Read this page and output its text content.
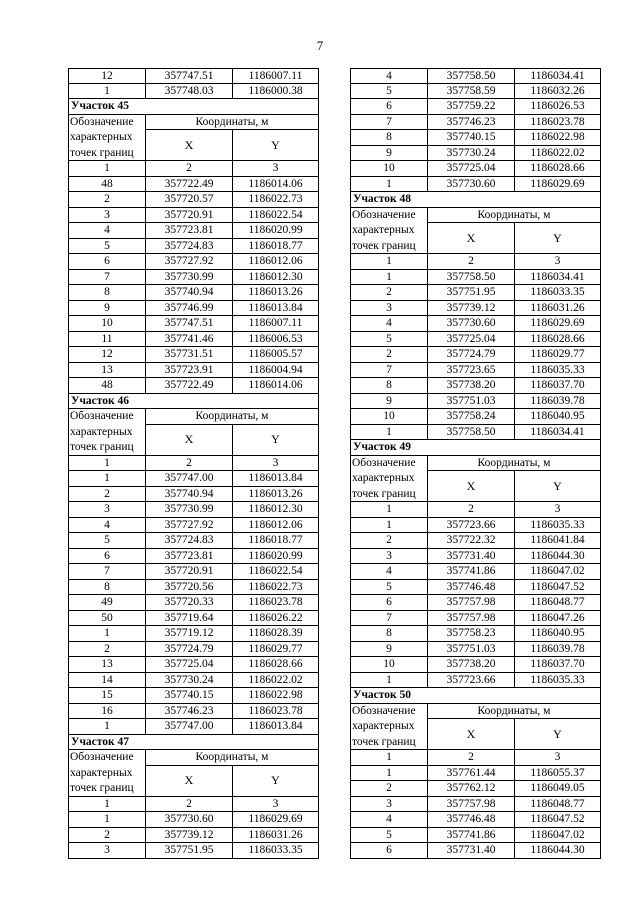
7
12	357747.51	1186007.11
1	357748.03	1186000.38
Участок 45
Обозначение
характерных
точек границ
Координаты, м
X	Y
1	2	3
48	357722.49	1186014.06
2	357720.57	1186022.73
3	357720.91	1186022.54
4	357723.81	1186020.99
5	357724.83	1186018.77
6	357727.92	1186012.06
7	357730.99	1186012.30
8	357740.94	1186013.26
9	357746.99	1186013.84
10	357747.51	1186007.11
11	357741.46	1186006.53
12	357731.51	1186005.57
13	357723.91	1186004.94
48	357722.49	1186014.06
Участок 46
Обозначение
характерных
точек границ
Координаты, м
X	Y
1	2	3
1	357747.00	1186013.84
2	357740.94	1186013.26
3	357730.99	1186012.30
4	357727.92	1186012.06
5	357724.83	1186018.77
6	357723.81	1186020.99
7	357720.91	1186022.54
8	357720.56	1186022.73
49	357720.33	1186023.78
50	357719.64	1186026.22
1	357719.12	1186028.39
2	357724.79	1186029.77
13	357725.04	1186028.66
14	357730.24	1186022.02
15	357740.15	1186022.98
16	357746.23	1186023.78
1	357747.00	1186013.84
Участок 47
Обозначение
характерных
точек границ
Координаты, м
X	Y
1	2	3
1	357730.60	1186029.69
2	357739.12	1186031.26
3	357751.95	1186033.35
4	357758.50	1186034.41
5	357758.59	1186032.26
6	357759.22	1186026.53
7	357746.23	1186023.78
8	357740.15	1186022.98
9	357730.24	1186022.02
10	357725.04	1186028.66
1	357730.60	1186029.69
Участок 48
Обозначение
характерных
точек границ
Координаты, м
X	Y
1	2	3
1	357758.50	1186034.41
2	357751.95	1186033.35
3	357739.12	1186031.26
4	357730.60	1186029.69
5	357725.04	1186028.66
2	357724.79	1186029.77
7	357723.65	1186035.33
8	357738.20	1186037.70
9	357751.03	1186039.78
10	357758.24	1186040.95
1	357758.50	1186034.41
Участок 49
Обозначение
характерных
точек границ
Координаты, м
X	Y
1	2	3
1	357723.66	1186035.33
2	357722.32	1186041.84
3	357731.40	1186044.30
4	357741.86	1186047.02
5	357746.48	1186047.52
6	357757.98	1186048.77
7	357757.98	1186047.26
8	357758.23	1186040.95
9	357751.03	1186039.78
10	357738.20	1186037.70
1	357723.66	1186035.33
Участок 50
Обозначение
характерных
точек границ
Координаты, м
X	Y
1	2	3
1	357761.44	1186055.37
2	357762.12	1186049.05
3	357757.98	1186048.77
4	357746.48	1186047.52
5	357741.86	1186047.02
6	357731.40	1186044.30
